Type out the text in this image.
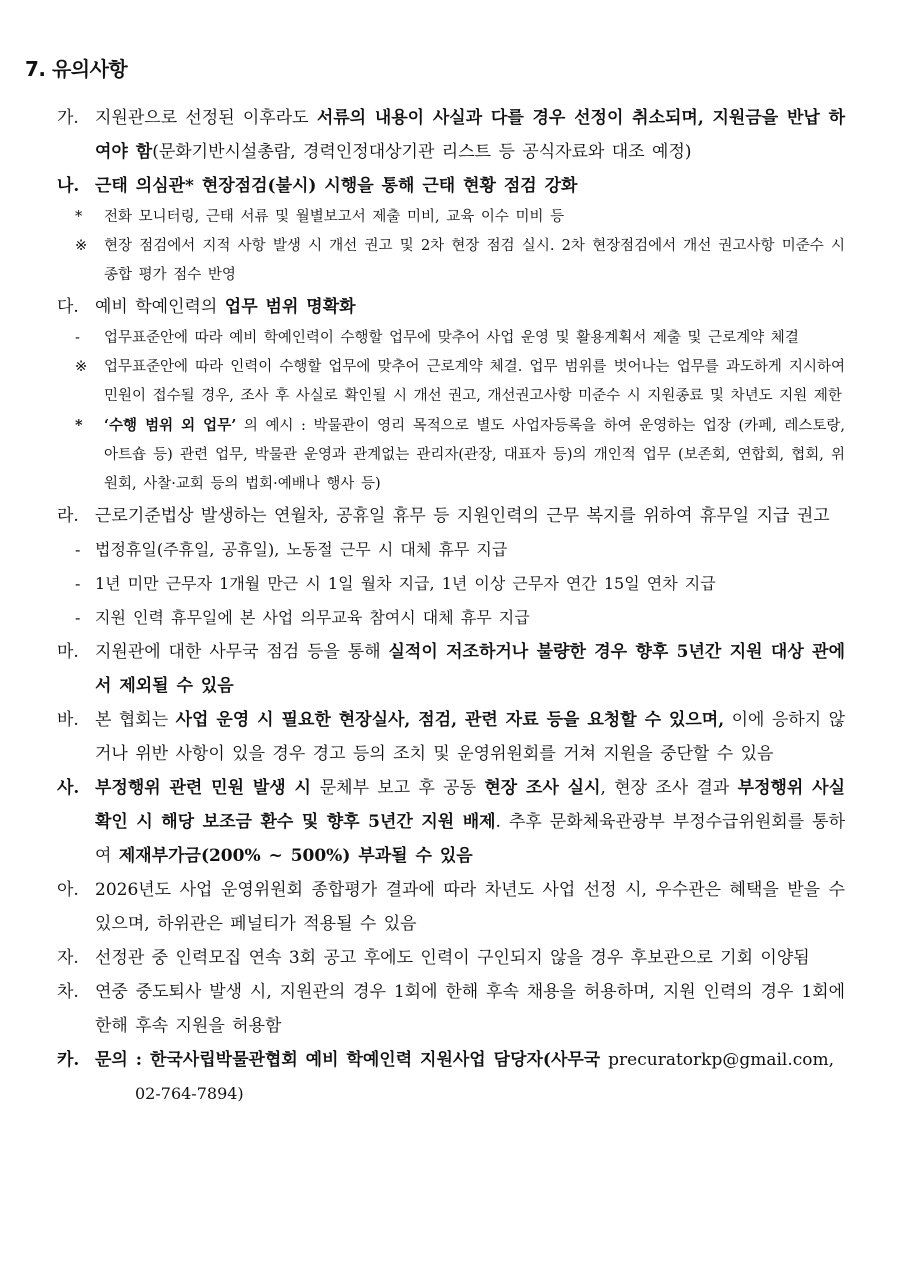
7. 유의사항
가. 지원관으로 선정된 이후라도 서류의 내용이 사실과 다를 경우 선정이 취소되며, 지원금을 반납 하여야 함(문화기반시설총람, 경력인정대상기관 리스트 등 공식자료와 대조 예정)
나. 근태 의심관* 현장점검(불시) 시행을 통해 근태 현황 점검 강화
* 전화 모니터링, 근태 서류 및 월별보고서 제출 미비, 교육 이수 미비 등
※ 현장 점검에서 지적 사항 발생 시 개선 권고 및 2차 현장 점검 실시. 2차 현장점검에서 개선 권고사항 미준수 시 종합 평가 점수 반영
다. 예비 학예인력의 업무 범위 명확화
- 업무표준안에 따라 예비 학예인력이 수행할 업무에 맞추어 사업 운영 및 활용계획서 제출 및 근로계약 체결
※ 업무표준안에 따라 인력이 수행할 업무에 맞추어 근로계약 체결. 업무 범위를 벗어나는 업무를 과도하게 지시하여 민원이 접수될 경우, 조사 후 사실로 확인될 시 개선 권고, 개선권고사항 미준수 시 지원종료 및 차년도 지원 제한
* ‘수행 범위 외 업무’ 의 예시 : 박물관이 영리 목적으로 별도 사업자등록을 하여 운영하는 업장 (카페, 레스토랑, 아트숍 등) 관련 업무, 박물관 운영과 관계없는 관리자(관장, 대표자 등)의 개인적 업무 (보존회, 연합회, 협회, 위원회, 사찰·교회 등의 법회·예배나 행사 등)
라. 근로기준법상 발생하는 연월차, 공휴일 휴무 등 지원인력의 근무 복지를 위하여 휴무일 지급 권고
- 법정휴일(주휴일, 공휴일), 노동절 근무 시 대체 휴무 지급
- 1년 미만 근무자 1개월 만근 시 1일 월차 지급, 1년 이상 근무자 연간 15일 연차 지급
- 지원 인력 휴무일에 본 사업 의무교육 참여시 대체 휴무 지급
마. 지원관에 대한 사무국 점검 등을 통해 실적이 저조하거나 불량한 경우 향후 5년간 지원 대상 관에서 제외될 수 있음
바. 본 협회는 사업 운영 시 필요한 현장실사, 점검, 관련 자료 등을 요청할 수 있으며, 이에 응하지 않거나 위반 사항이 있을 경우 경고 등의 조치 및 운영위원회를 거쳐 지원을 중단할 수 있음
사. 부정행위 관련 민원 발생 시 문체부 보고 후 공동 현장 조사 실시, 현장 조사 결과 부정행위 사실 확인 시 해당 보조금 환수 및 향후 5년간 지원 배제. 추후 문화체육관광부 부정수급위원회를 통하여 제재부가금(200% ~ 500%) 부과될 수 있음
아. 2026년도 사업 운영위원회 종합평가 결과에 따라 차년도 사업 선정 시, 우수관은 혜택을 받을 수 있으며, 하위관은 페널티가 적용될 수 있음
자. 선정관 중 인력모집 연속 3회 공고 후에도 인력이 구인되지 않을 경우 후보관으로 기회 이양됨
차. 연중 중도퇴사 발생 시, 지원관의 경우 1회에 한해 후속 채용을 허용하며, 지원 인력의 경우 1회에 한해 후속 지원을 허용함
카. 문의 : 한국사립박물관협회 예비 학예인력 지원사업 담당자(사무국 precuratorkp@gmail.com,
02-764-7894)
